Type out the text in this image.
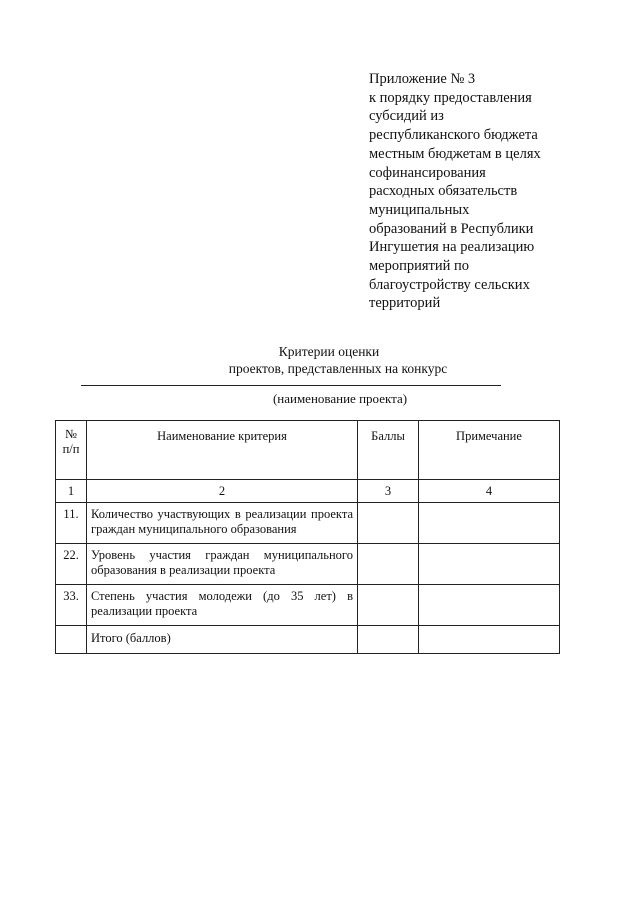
Приложение № 3
к порядку предоставления
субсидий из
республиканского бюджета
местным бюджетам в целях
софинансирования
расходных обязательств
муниципальных
образований в Республики
Ингушетия на реализацию
мероприятий по
благоустройству сельских
территорий
Критерии оценки
проектов, представленных на конкурс
(наименование проекта)
№ п/п	Наименование критерия	Баллы	Примечание
1	2	3	4
11.	Количество участвующих в реализации проекта граждан муниципального образования		
22.	Уровень участия граждан муниципального образования в реализации проекта		
33.	Степень участия молодежи (до 35 лет) в реализации проекта		
	Итого (баллов)		
